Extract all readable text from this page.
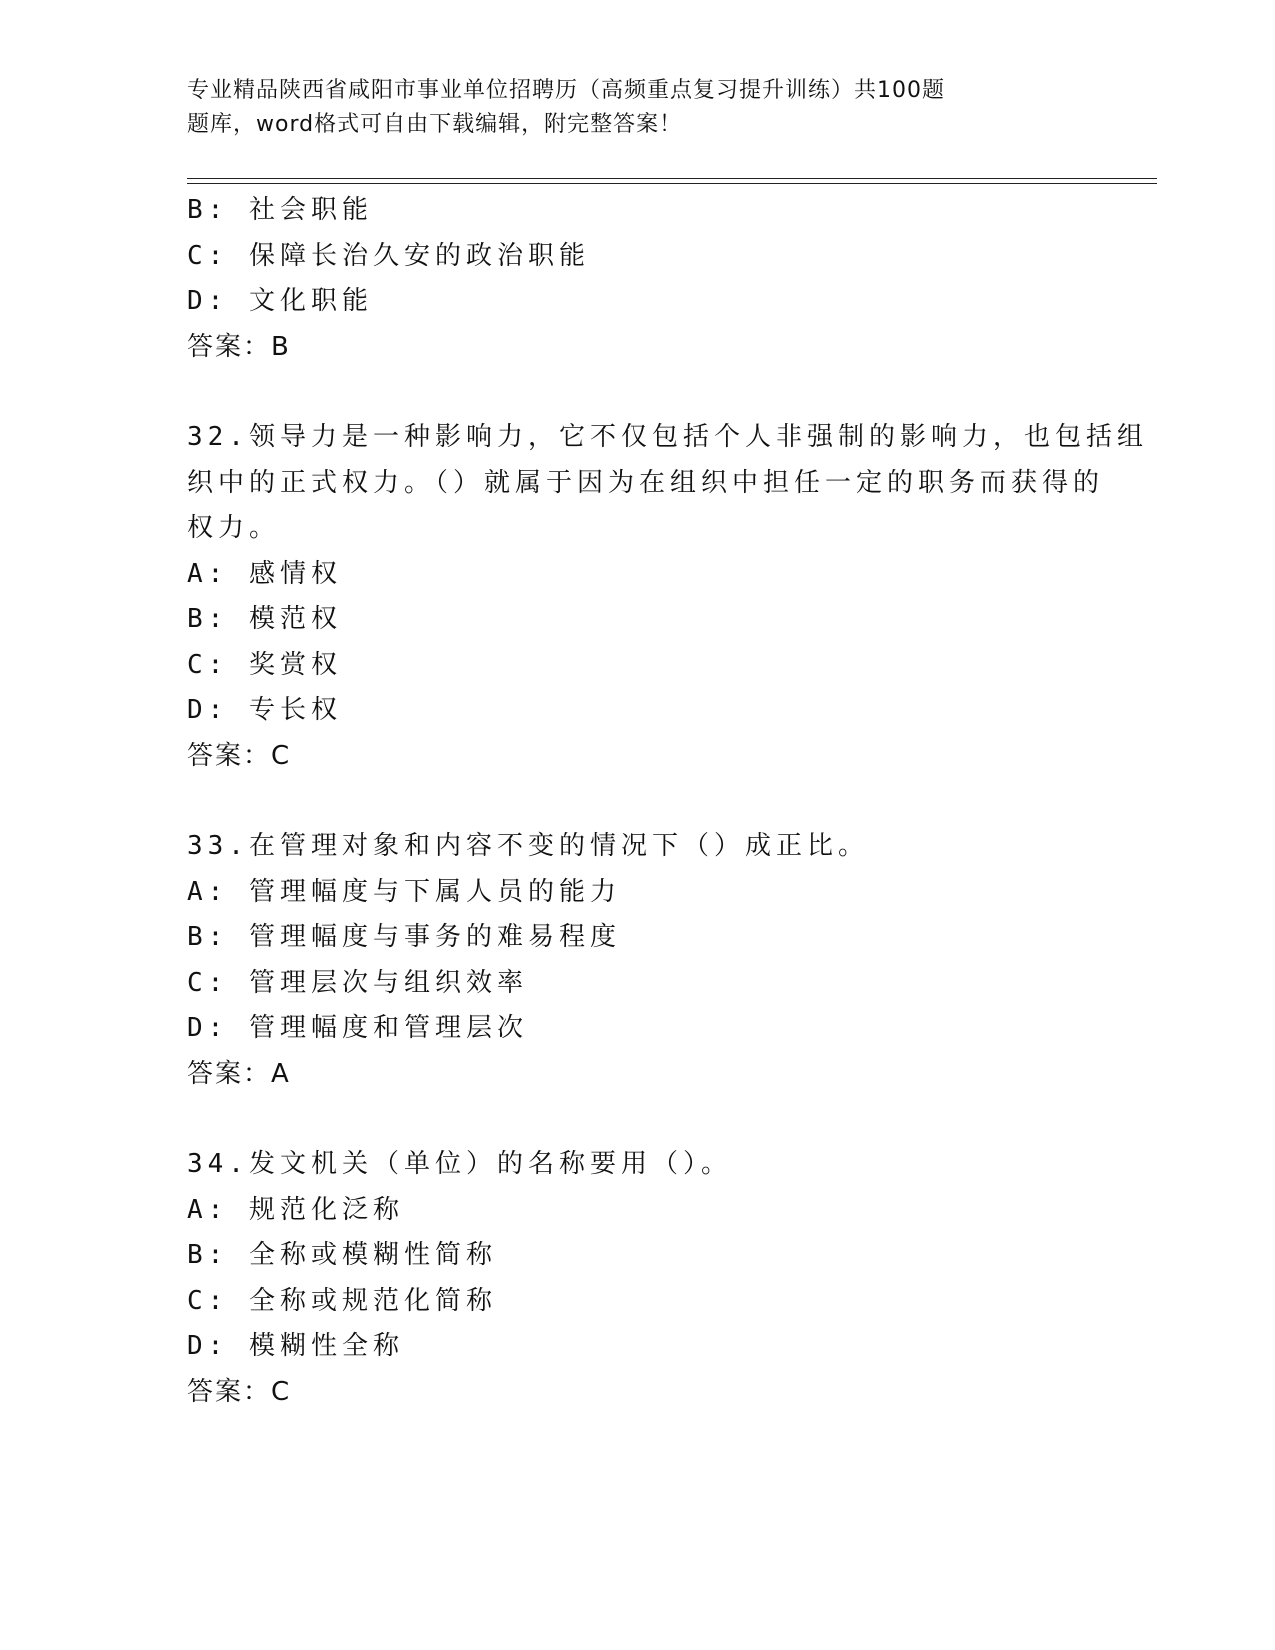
专业精品陕西省咸阳市事业单位招聘历（高频重点复习提升训练）共100题
题库，word格式可自由下载编辑，附完整答案！
B: 社会职能
C: 保障长治久安的政治职能
D: 文化职能
答案：B
32.领导力是一种影响力，它不仅包括个人非强制的影响力，也包括组
织中的正式权力。（）就属于因为在组织中担任一定的职务而获得的
权力。
A: 感情权
B: 模范权
C: 奖赏权
D: 专长权
答案：C
33.在管理对象和内容不变的情况下（）成正比。
A: 管理幅度与下属人员的能力
B: 管理幅度与事务的难易程度
C: 管理层次与组织效率
D: 管理幅度和管理层次
答案：A
34.发文机关（单位）的名称要用（）。
A: 规范化泛称
B: 全称或模糊性简称
C: 全称或规范化简称
D: 模糊性全称
答案：C
